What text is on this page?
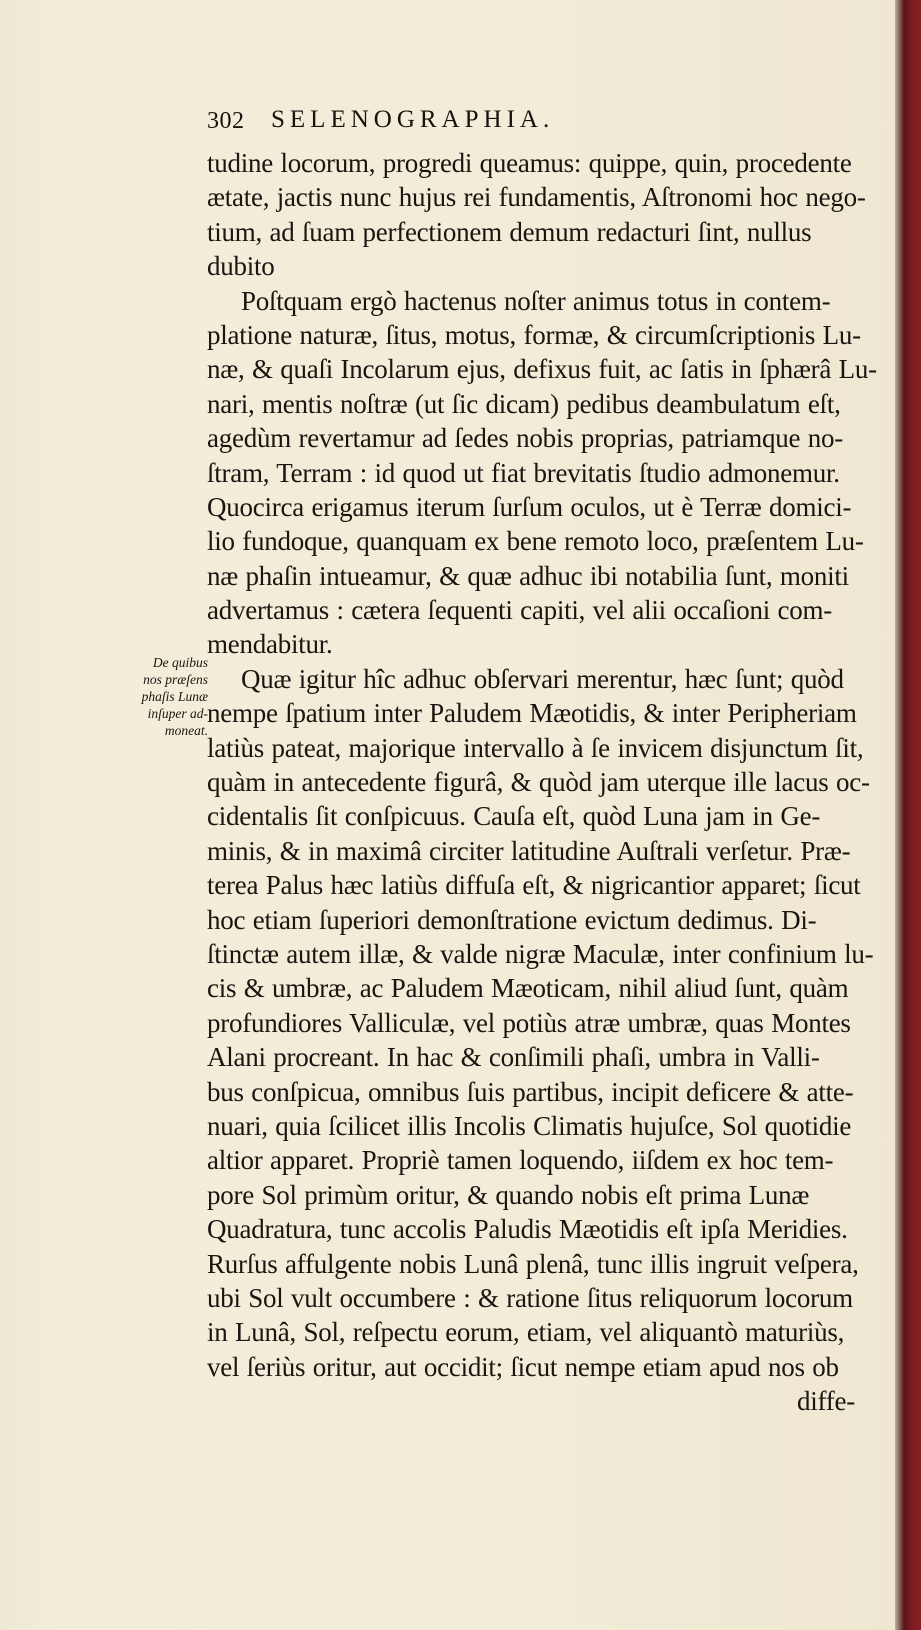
302 SELENOGRAPHIA.
De quibus
nos præſens
phaſis Lunæ
inſuper ad-
moneat.
tudine locorum, progredi queamus: quippe, quin, procedente
ætate, jactis nunc hujus rei fundamentis, Aſtronomi hoc nego-
tium, ad ſuam perfectionem demum redacturi ſint, nullus
dubito
Poſtquam ergò hactenus noſter animus totus in contem-
platione naturæ, ſitus, motus, formæ, & circumſcriptionis Lu-
næ, & quaſi Incolarum ejus, defixus fuit, ac ſatis in ſphærâ Lu-
nari, mentis noſtræ (ut ſic dicam) pedibus deambulatum eſt,
agedùm revertamur ad ſedes nobis proprias, patriamque no-
ſtram, Terram : id quod ut fiat brevitatis ſtudio admonemur.
Quocirca erigamus iterum ſurſum oculos, ut è Terræ domici-
lio fundoque, quanquam ex bene remoto loco, præſentem Lu-
næ phaſin intueamur, & quæ adhuc ibi notabilia ſunt, moniti
advertamus : cætera ſequenti capiti, vel alii occaſioni com-
mendabitur.
Quæ igitur hîc adhuc obſervari merentur, hæc ſunt; quòd
nempe ſpatium inter Paludem Mæotidis, & inter Peripheriam
latiùs pateat, majorique intervallo à ſe invicem disjunctum ſit,
quàm in antecedente figurâ, & quòd jam uterque ille lacus oc-
cidentalis ſit conſpicuus. Cauſa eſt, quòd Luna jam in Ge-
minis, & in maximâ circiter latitudine Auſtrali verſetur. Præ-
terea Palus hæc latiùs diffuſa eſt, & nigricantior apparet; ſicut
hoc etiam ſuperiori demonſtratione evictum dedimus. Di-
ſtinctæ autem illæ, & valde nigræ Maculæ, inter confinium lu-
cis & umbræ, ac Paludem Mæoticam, nihil aliud ſunt, quàm
profundiores Valliculæ, vel potiùs atræ umbræ, quas Montes
Alani procreant. In hac & conſimili phaſi, umbra in Valli-
bus conſpicua, omnibus ſuis partibus, incipit deficere & atte-
nuari, quia ſcilicet illis Incolis Climatis hujuſce, Sol quotidie
altior apparet. Propriè tamen loquendo, iiſdem ex hoc tem-
pore Sol primùm oritur, & quando nobis eſt prima Lunæ
Quadratura, tunc accolis Paludis Mæotidis eſt ipſa Meridies.
Rurſus affulgente nobis Lunâ plenâ, tunc illis ingruit veſpera,
ubi Sol vult occumbere : & ratione ſitus reliquorum locorum
in Lunâ, Sol, reſpectu eorum, etiam, vel aliquantò maturiùs,
vel ſeriùs oritur, aut occidit; ſicut nempe etiam apud nos ob
diffe-
